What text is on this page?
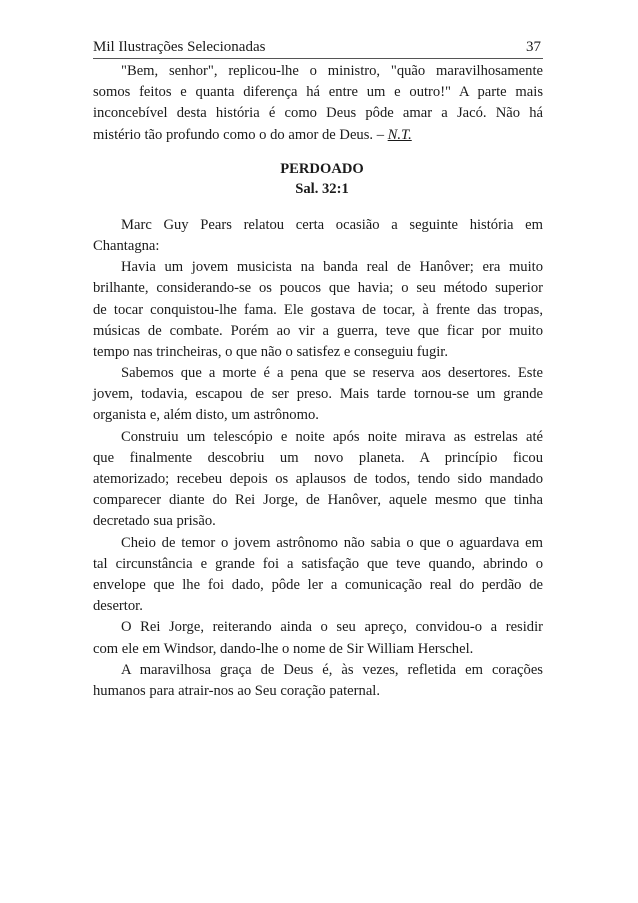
Mil Ilustrações Selecionadas	37
"Bem, senhor", replicou-lhe o ministro, "quão maravilhosamente
somos feitos e quanta diferença há entre um e outro!" A parte mais
inconcebível desta história é como Deus pôde amar a Jacó. Não há
mistério tão profundo como o do amor de Deus. – N.T.

PERDOADO

Sal. 32:1

Marc Guy Pears relatou certa ocasião a seguinte história em
Chantagna:
Havia um jovem musicista na banda real de Hanôver; era muito
brilhante, considerando-se os poucos que havia; o seu método superior
de tocar conquistou-lhe fama. Ele gostava de tocar, à frente das tropas,
músicas de combate. Porém ao vir a guerra, teve que ficar por muito
tempo nas trincheiras, o que não o satisfez e conseguiu fugir.
Sabemos que a morte é a pena que se reserva aos desertores. Este
jovem, todavia, escapou de ser preso. Mais tarde tornou-se um grande
organista e, além disto, um astrônomo.
Construiu um telescópio e noite após noite mirava as estrelas até
que finalmente descobriu um novo planeta. A princípio ficou
atemorizado; recebeu depois os aplausos de todos, tendo sido mandado
comparecer diante do Rei Jorge, de Hanôver, aquele mesmo que tinha
decretado sua prisão.
Cheio de temor o jovem astrônomo não sabia o que o aguardava em
tal circunstância e grande foi a satisfação que teve quando, abrindo o
envelope que lhe foi dado, pôde ler a comunicação real do perdão de
desertor.
O Rei Jorge, reiterando ainda o seu apreço, convidou-o a residir
com ele em Windsor, dando-lhe o nome de Sir William Herschel.
A maravilhosa graça de Deus é, às vezes, refletida em corações
humanos para atrair-nos ao Seu coração paternal.
